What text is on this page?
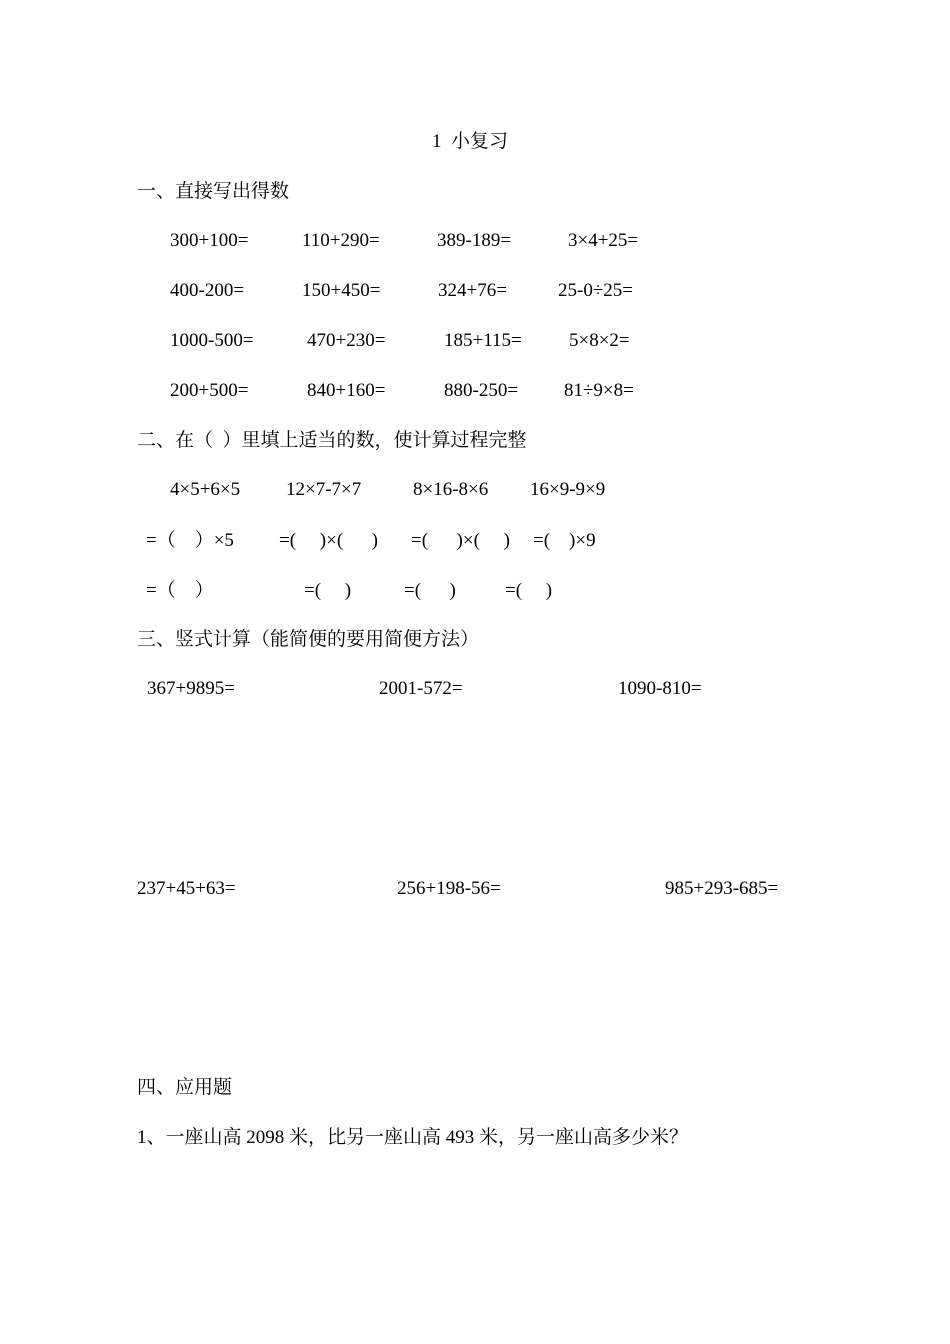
1  小复习
一、直接写出得数
300+100=	110+290=	389-189=	3×4+25=
400-200=	150+450=	324+76=	25-0÷25=
1000-500=	470+230=	185+115= 5×8×2=
200+500=	840+160=	880-250= 81÷9×8=
二、在（  ）里填上适当的数，使计算过程完整
4×5+6×5 12×7-7×7	8×16-8×6 16×9-9×9
=（    ）×5 =(     )×(      ) =(      )×(     ) =(    )×9
=（    ）	=(     )	=(      )	=(     )
三、竖式计算（能简便的要用简便方法）
367+9895=	2001-572=	1090-810=
237+45+63=	256+198-56=	985+293-685=
四、应用题
1、一座山高 2098 米，比另一座山高 493 米，另一座山高多少米？
